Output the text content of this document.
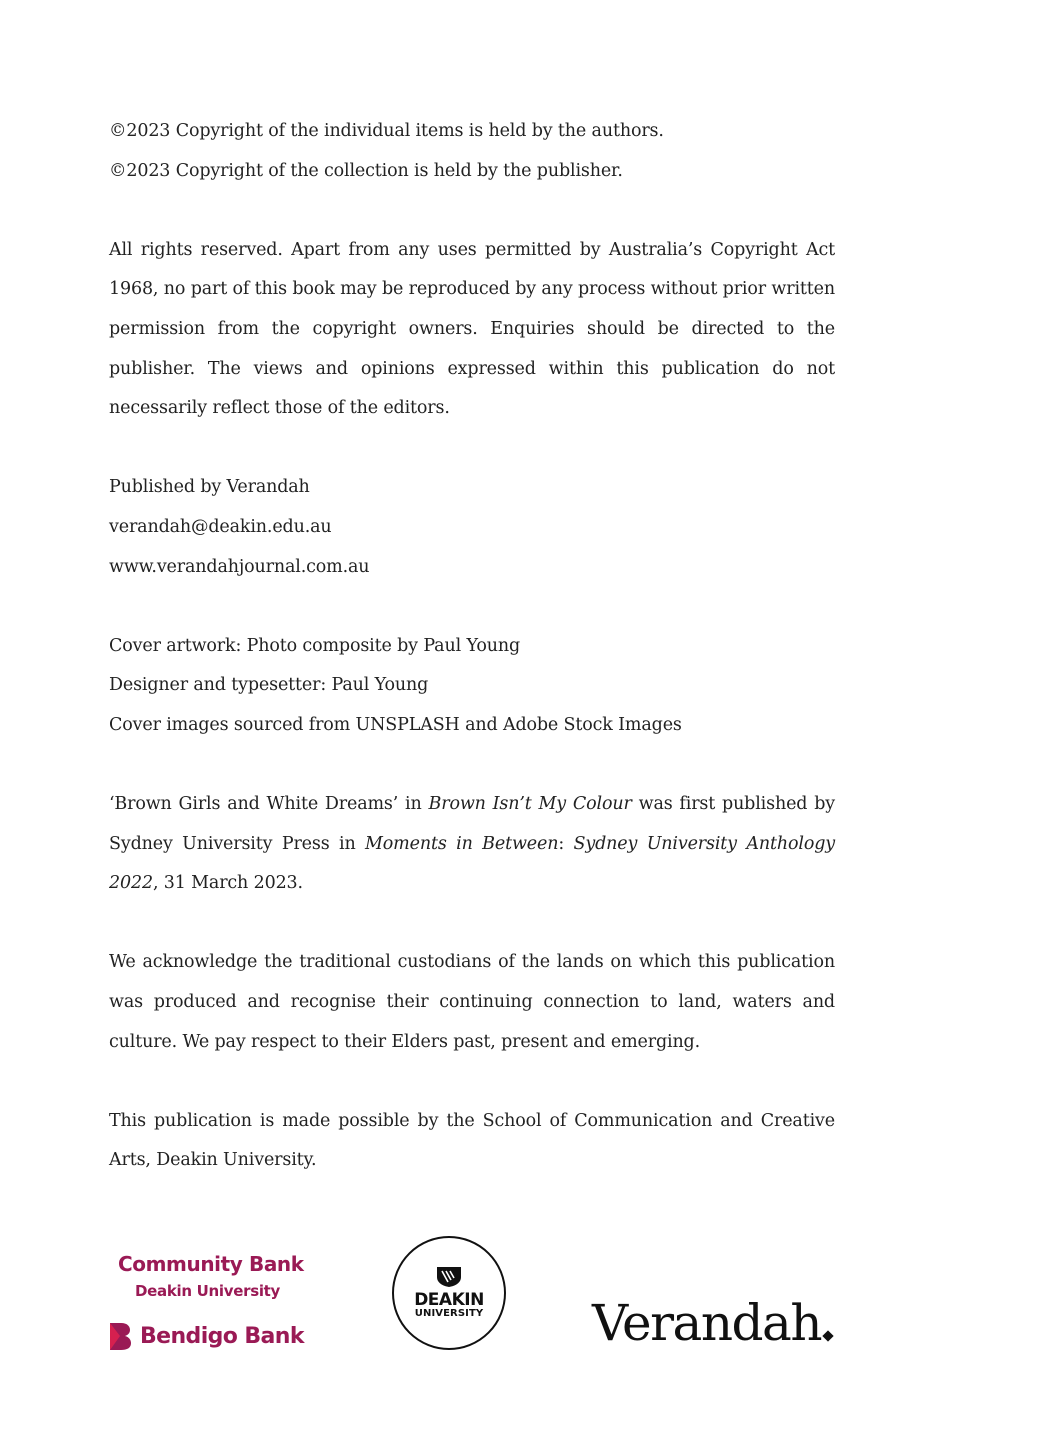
©2023 Copyright of the individual items is held by the authors.

©2023 Copyright of the collection is held by the publisher.

All rights reserved. Apart from any uses permitted by Australia’s Copyright Act 1968, no part of this book may be reproduced by any process without prior written permission from the copyright owners. Enquiries should be directed to the publisher. The views and opinions expressed within this publication do not necessarily reflect those of the editors.

Published by Verandah

verandah@deakin.edu.au

www.verandahjournal.com.au

Cover artwork: Photo composite by Paul Young

Designer and typesetter: Paul Young

Cover images sourced from UNSPLASH and Adobe Stock Images

‘Brown Girls and White Dreams’ in Brown Isn’t My Colour was first published by Sydney University Press in Moments in Between: Sydney University Anthology 2022, 31 March 2023.

We acknowledge the traditional custodians of the lands on which this publication was produced and recognise their continuing connection to land, waters and culture. We pay respect to their Elders past, present and emerging.

This publication is made possible by the School of Communication and Creative Arts, Deakin University.

Community Bank
Deakin University
Bendigo Bank
DEAKIN
UNIVERSITY	Verandah
